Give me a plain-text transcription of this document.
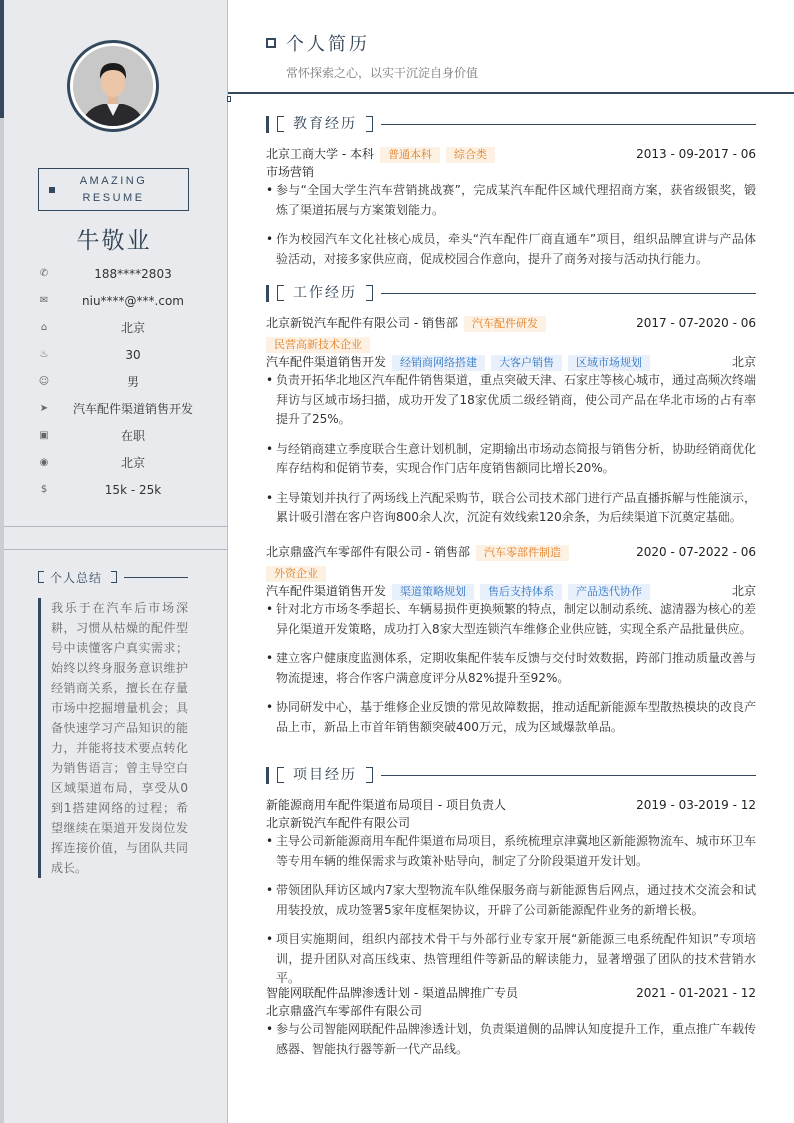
AMAZING
RESUME
牛敬业
✆	188****2803
✉	niu****@***.com
⌂	北京
♨	30
☺	男
➤	汽车配件渠道销售开发
▣	在职
◉	北京
$	15k - 25k
个人总结
我乐于在汽车后市场深耕，习惯从枯燥的配件型号中读懂客户真实需求；始终以终身服务意识维护经销商关系，擅长在存量市场中挖掘增量机会；具备快速学习产品知识的能力，并能将技术要点转化为销售语言；曾主导空白区域渠道布局，享受从0到1搭建网络的过程；希望继续在渠道开发岗位发挥连接价值，与团队共同成长。
个人简历
常怀探索之心，以实干沉淀自身价值
教育经历
北京工商大学 - 本科 普通本科 综合类	2013 - 09-2017 - 06
市场营销
• 参与“全国大学生汽车营销挑战赛”，完成某汽车配件区域代理招商方案，获省级银奖，锻炼了渠道拓展与方案策划能力。
• 作为校园汽车文化社核心成员，牵头“汽车配件厂商直通车”项目，组织品牌宣讲与产品体验活动，对接多家供应商，促成校园合作意向，提升了商务对接与活动执行能力。
工作经历
北京新锐汽车配件有限公司 - 销售部 汽车配件研发	2017 - 07-2020 - 06
民营高新技术企业
汽车配件渠道销售开发 经销商网络搭建 大客户销售 区域市场规划	北京
• 负责开拓华北地区汽车配件销售渠道，重点突破天津、石家庄等核心城市，通过高频次终端拜访与区域市场扫描，成功开发了18家优质二级经销商，使公司产品在华北市场的占有率提升了25%。
• 与经销商建立季度联合生意计划机制，定期输出市场动态简报与销售分析，协助经销商优化库存结构和促销节奏，实现合作门店年度销售额同比增长20%。
• 主导策划并执行了两场线上汽配采购节，联合公司技术部门进行产品直播拆解与性能演示，累计吸引潜在客户咨询800余人次，沉淀有效线索120余条，为后续渠道下沉奠定基础。
北京鼎盛汽车零部件有限公司 - 销售部 汽车零部件制造	2020 - 07-2022 - 06
外资企业
汽车配件渠道销售开发 渠道策略规划 售后支持体系 产品迭代协作	北京
• 针对北方市场冬季超长、车辆易损件更换频繁的特点，制定以制动系统、滤清器为核心的差异化渠道开发策略，成功打入8家大型连锁汽车维修企业供应链，实现全系产品批量供应。
• 建立客户健康度监测体系，定期收集配件装车反馈与交付时效数据，跨部门推动质量改善与物流提速，将合作客户满意度评分从82%提升至92%。
• 协同研发中心，基于维修企业反馈的常见故障数据，推动适配新能源车型散热模块的改良产品上市，新品上市首年销售额突破400万元，成为区域爆款单品。
项目经历
新能源商用车配件渠道布局项目 - 项目负责人	2019 - 03-2019 - 12
北京新锐汽车配件有限公司
• 主导公司新能源商用车配件渠道布局项目，系统梳理京津冀地区新能源物流车、城市环卫车等专用车辆的维保需求与政策补贴导向，制定了分阶段渠道开发计划。
• 带领团队拜访区域内7家大型物流车队维保服务商与新能源售后网点，通过技术交流会和试用装投放，成功签署5家年度框架协议，开辟了公司新能源配件业务的新增长极。
• 项目实施期间，组织内部技术骨干与外部行业专家开展“新能源三电系统配件知识”专项培训，提升团队对高压线束、热管理组件等新品的解读能力，显著增强了团队的技术营销水平。
智能网联配件品牌渗透计划 - 渠道品牌推广专员	2021 - 01-2021 - 12
北京鼎盛汽车零部件有限公司
• 参与公司智能网联配件品牌渗透计划，负责渠道侧的品牌认知度提升工作，重点推广车载传感器、智能执行器等新一代产品线。
